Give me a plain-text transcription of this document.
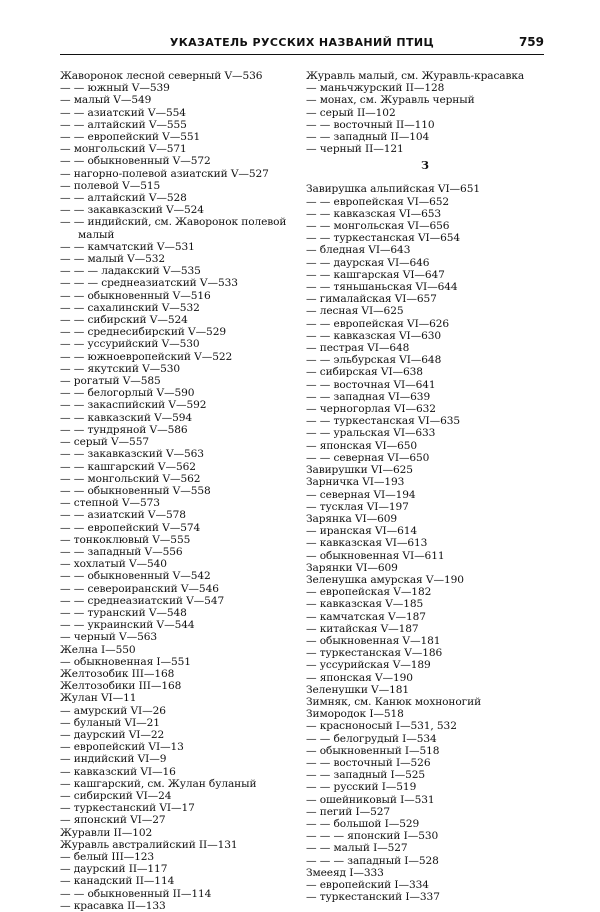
УКАЗАТЕЛЬ РУССКИХ НАЗВАНИЙ ПТИЦ	759
Жаворонок лесной северный V—536
— — южный V—539
— малый V—549
— — азиатский V—554
— — алтайский V—555
— — европейский V—551
— монгольский V—571
— — обыкновенный V—572
— нагорно-полевой азиатский V—527
— полевой V—515
— — алтайский V—528
— — закавказский V—524
— — индийский, см. Жаворонок полевой малый
— — камчатский V—531
— — малый V—532
— — — ладакский V—535
— — — среднеазиатский V—533
— — обыкновенный V—516
— — сахалинский V—532
— — сибирский V—524
— — среднесибирский V—529
— — уссурийский V—530
— — южноевропейский V—522
— — якутский V—530
— рогатый V—585
— — белогорлый V—590
— — закаспийский V—592
— — кавказский V—594
— — тундряной V—586
— серый V—557
— — закавказский V—563
— — кашгарский V—562
— — монгольский V—562
— — обыкновенный V—558
— степной V—573
— — азиатский V—578
— — европейский V—574
— тонкоклювый V—555
— — западный V—556
— хохлатый V—540
— — обыкновенный V—542
— — североиранский V—546
— — среднеазиатский V—547
— — туранский V—548
— — украинский V—544
— черный V—563
Желна I—550
— обыкновенная I—551
Желтозобик III—168
Желтозобики III—168
Жулан VI—11
— амурский VI—26
— буланый VI—21
— даурский VI—22
— европейский VI—13
— индийский VI—9
— кавказский VI—16
— кашгарский, см. Жулан буланый
— сибирский VI—24
— туркестанский VI—17
— японский VI—27
Журавли II—102
Журавль австралийский II—131
— белый III—123
— даурский II—117
— канадский II—114
— — обыкновенный II—114
— красавка II—133
Журавль малый, см. Журавль-красавка
— маньчжурский II—128
— монах, см. Журавль черный
— серый II—102
— — восточный II—110
— — западный II—104
— черный II—121
З
Завирушка альпийская VI—651
— — европейская VI—652
— — кавказская VI—653
— — монгольская VI—656
— — туркестанская VI—654
— бледная VI—643
— — даурская VI—646
— — кашгарская VI—647
— — тяньшаньская VI—644
— гималайская VI—657
— лесная VI—625
— — европейская VI—626
— — кавказская VI—630
— пестрая VI—648
— — эльбурская VI—648
— сибирская VI—638
— — восточная VI—641
— — западная VI—639
— черногорлая VI—632
— — туркестанская VI—635
— — уральская VI—633
— японская VI—650
— — северная VI—650
Завирушки VI—625
Зарничка VI—193
— северная VI—194
— тусклая VI—197
Зарянка VI—609
— иранская VI—614
— кавказская VI—613
— обыкновенная VI—611
Зарянки VI—609
Зеленушка амурская V—190
— европейская V—182
— кавказская V—185
— камчатская V—187
— китайская V—187
— обыкновенная V—181
— туркестанская V—186
— уссурийская V—189
— японская V—190
Зеленушки V—181
Зимняк, см. Канюк мохноногий
Зимородок I—518
— красноносый I—531, 532
— — белогрудый I—534
— обыкновенный I—518
— — восточный I—526
— — западный I—525
— — русский I—519
— ошейниковый I—531
— пегий I—527
— — большой I—529
— — — японский I—530
— — малый I—527
— — — западный I—528
Змееяд I—333
— европейский I—334
— туркестанский I—337
